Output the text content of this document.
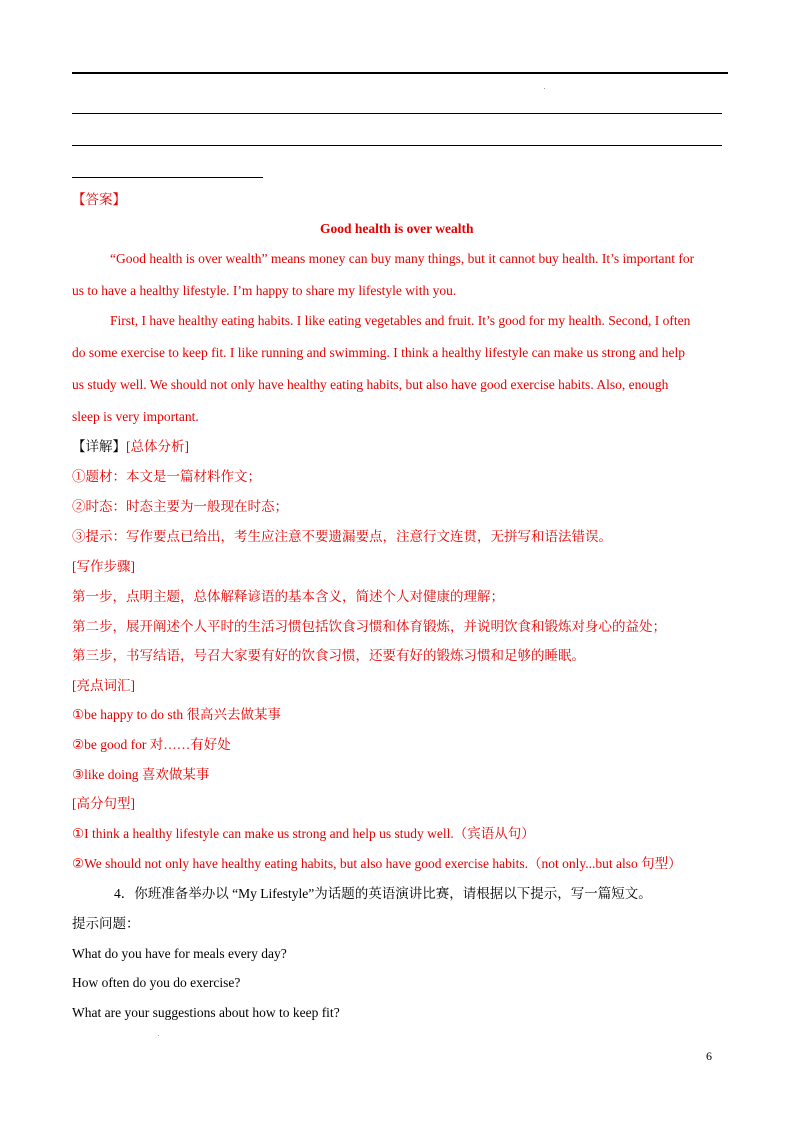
【答案】
Good health is over wealth
“Good health is over wealth” means money can buy many things, but it cannot buy health. It’s important for
us to have a healthy lifestyle. I’m happy to share my lifestyle with you.
First, I have healthy eating habits. I like eating vegetables and fruit. It’s good for my health. Second, I often
do some exercise to keep fit. I like running and swimming. I think a healthy lifestyle can make us strong and help
us study well. We should not only have healthy eating habits, but also have good exercise habits. Also, enough
sleep is very important.
【详解】[总体分析]
①题材：本文是一篇材料作文；
②时态：时态主要为一般现在时态；
③提示：写作要点已给出，考生应注意不要遗漏要点，注意行文连贯，无拼写和语法错误。
[写作步骤]
第一步，点明主题，总体解释谚语的基本含义，简述个人对健康的理解；
第二步，展开阐述个人平时的生活习惯包括饮食习惯和体育锻炼，并说明饮食和锻炼对身心的益处；
第三步，书写结语，号召大家要有好的饮食习惯，还要有好的锻炼习惯和足够的睡眠。
[亮点词汇]
①be happy to do sth 很高兴去做某事
②be good for 对……有好处
③like doing 喜欢做某事
[高分句型]
①I think a healthy lifestyle can make us strong and help us study well.（宾语从句）
②We should not only have healthy eating habits, but also have good exercise habits.（not only...but also 句型）
4．你班准备举办以 “My Lifestyle”为话题的英语演讲比赛，请根据以下提示，写一篇短文。
提示问题：
What do you have for meals every day?
How often do you do exercise?
What are your suggestions about how to keep fit?
6
